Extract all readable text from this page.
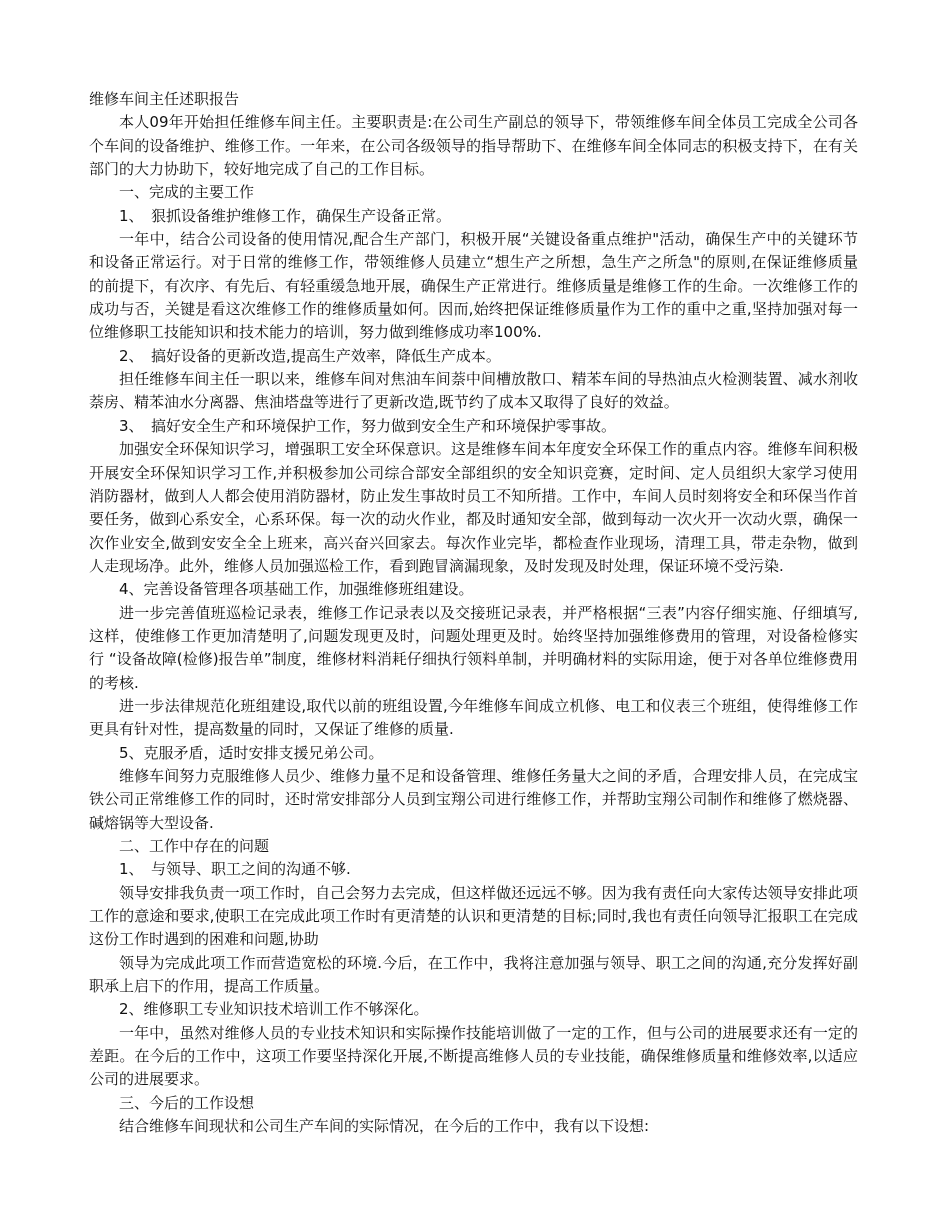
维修车间主任述职报告

本人09年开始担任维修车间主任。主要职责是:在公司生产副总的领导下，带领维修车间全体员工完成全公司各个车间的设备维护、维修工作。一年来，在公司各级领导的指导帮助下、在维修车间全体同志的积极支持下，在有关部门的大力协助下，较好地完成了自己的工作目标。

一、完成的主要工作

1、　狠抓设备维护维修工作，确保生产设备正常。

一年中，结合公司设备的使用情况,配合生产部门，积极开展“关键设备重点维护"活动，确保生产中的关键环节和设备正常运行。对于日常的维修工作，带领维修人员建立“想生产之所想，急生产之所急"的原则,在保证维修质量的前提下，有次序、有先后、有轻重缓急地开展，确保生产正常进行。维修质量是维修工作的生命。一次维修工作的成功与否，关键是看这次维修工作的维修质量如何。因而,始终把保证维修质量作为工作的重中之重,坚持加强对每一位维修职工技能知识和技术能力的培训，努力做到维修成功率100%.

2、　搞好设备的更新改造,提高生产效率，降低生产成本。

担任维修车间主任一职以来，维修车间对焦油车间萘中间槽放散口、精苯车间的导热油点火检测装置、减水剂收萘房、精苯油水分离器、焦油塔盘等进行了更新改造,既节约了成本又取得了良好的效益。

3、　搞好安全生产和环境保护工作，努力做到安全生产和环境保护零事故。

加强安全环保知识学习，增强职工安全环保意识。这是维修车间本年度安全环保工作的重点内容。维修车间积极开展安全环保知识学习工作,并积极参加公司综合部安全部组织的安全知识竞赛，定时间、定人员组织大家学习使用消防器材，做到人人都会使用消防器材，防止发生事故时员工不知所措。工作中，车间人员时刻将安全和环保当作首要任务，做到心系安全，心系环保。每一次的动火作业，都及时通知安全部，做到每动一次火开一次动火票，确保一次作业安全,做到安安全全上班来，高兴奋兴回家去。每次作业完毕，都检查作业现场，清理工具，带走杂物，做到人走现场净。此外，维修人员加强巡检工作，看到跑冒滴漏现象，及时发现及时处理，保证环境不受污染.

4、完善设备管理各项基础工作，加强维修班组建设。

进一步完善值班巡检记录表，维修工作记录表以及交接班记录表，并严格根据“三表”内容仔细实施、仔细填写,这样，使维修工作更加清楚明了,问题发现更及时，问题处理更及时。始终坚持加强维修费用的管理，对设备检修实行 “设备故障(检修)报告单”制度，维修材料消耗仔细执行领料单制，并明确材料的实际用途，便于对各单位维修费用的考核.

进一步法律规范化班组建设,取代以前的班组设置,今年维修车间成立机修、电工和仪表三个班组，使得维修工作更具有针对性，提高数量的同时，又保证了维修的质量.

5、克服矛盾，适时安排支援兄弟公司。

维修车间努力克服维修人员少、维修力量不足和设备管理、维修任务量大之间的矛盾，合理安排人员，在完成宝铁公司正常维修工作的同时，还时常安排部分人员到宝翔公司进行维修工作，并帮助宝翔公司制作和维修了燃烧器、碱熔锅等大型设备.

二、工作中存在的问题

1、　与领导、职工之间的沟通不够.

领导安排我负责一项工作时，自己会努力去完成，但这样做还远远不够。因为我有责任向大家传达领导安排此项工作的意途和要求,使职工在完成此项工作时有更清楚的认识和更清楚的目标;同时,我也有责任向领导汇报职工在完成这份工作时遇到的困难和问题,协助

领导为完成此项工作而营造宽松的环境.今后，在工作中，我将注意加强与领导、职工之间的沟通,充分发挥好副职承上启下的作用，提高工作质量。

2、维修职工专业知识技术培训工作不够深化。

一年中，虽然对维修人员的专业技术知识和实际操作技能培训做了一定的工作，但与公司的进展要求还有一定的差距。在今后的工作中，这项工作要坚持深化开展,不断提高维修人员的专业技能，确保维修质量和维修效率,以适应公司的进展要求。

三、今后的工作设想

结合维修车间现状和公司生产车间的实际情况，在今后的工作中，我有以下设想:
